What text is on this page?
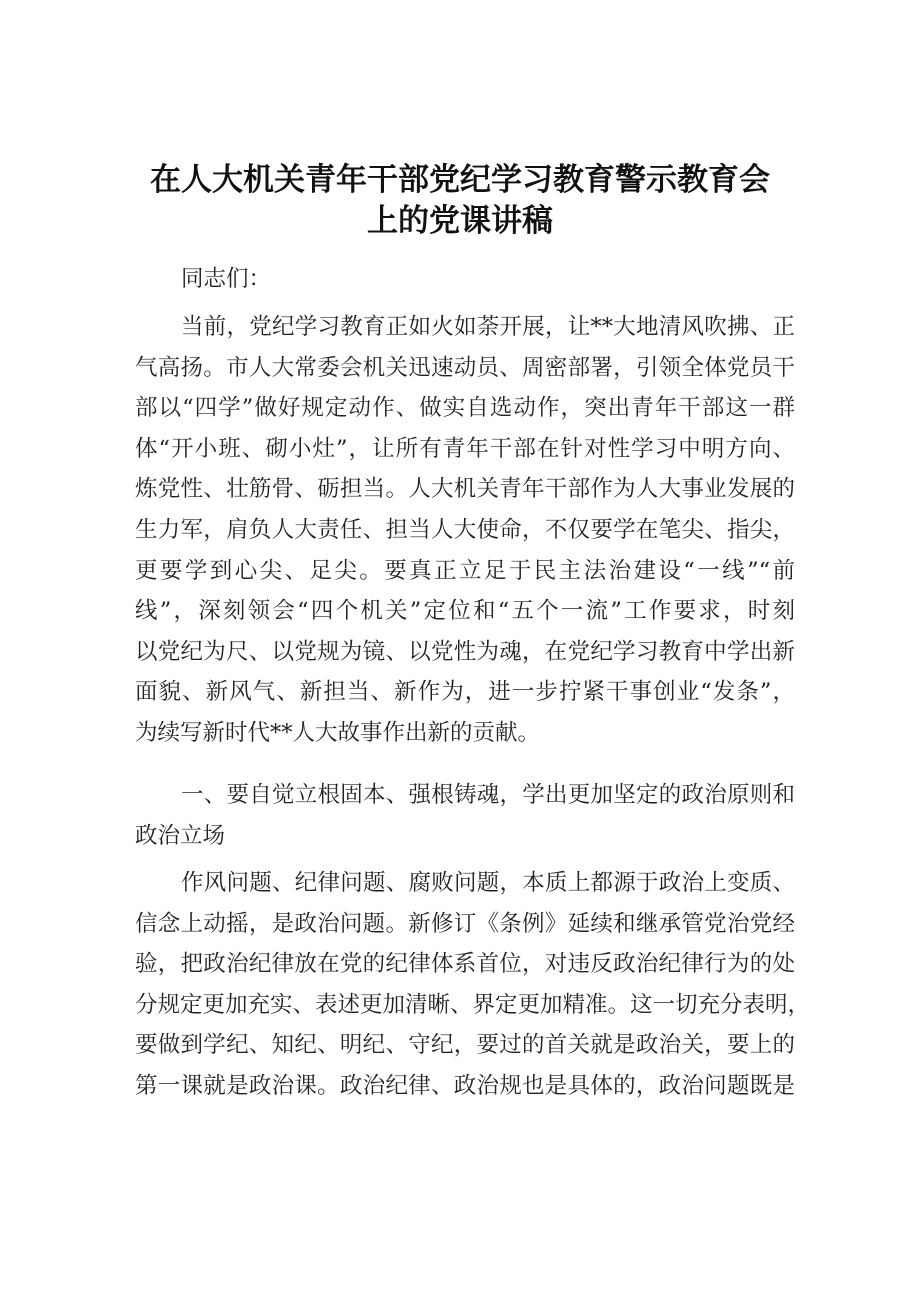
在人大机关青年干部党纪学习教育警示教育会
上的党课讲稿

同志们：

当前，党纪学习教育正如火如荼开展，让**大地清风吹拂、正
气高扬。市人大常委会机关迅速动员、周密部署，引领全体党员干
部以“四学”做好规定动作、做实自选动作，突出青年干部这一群
体“开小班、砌小灶”，让所有青年干部在针对性学习中明方向、
炼党性、壮筋骨、砺担当。人大机关青年干部作为人大事业发展的
生力军，肩负人大责任、担当人大使命，不仅要学在笔尖、指尖，
更要学到心尖、足尖。要真正立足于民主法治建设“一线”“前
线”，深刻领会“四个机关”定位和“五个一流”工作要求，时刻
以党纪为尺、以党规为镜、以党性为魂，在党纪学习教育中学出新
面貌、新风气、新担当、新作为，进一步拧紧干事创业“发条”，
为续写新时代**人大故事作出新的贡献。

一、要自觉立根固本、强根铸魂，学出更加坚定的政治原则和
政治立场

作风问题、纪律问题、腐败问题，本质上都源于政治上变质、
信念上动摇，是政治问题。新修订《条例》延续和继承管党治党经
验，把政治纪律放在党的纪律体系首位，对违反政治纪律行为的处
分规定更加充实、表述更加清晰、界定更加精准。这一切充分表明，
要做到学纪、知纪、明纪、守纪，要过的首关就是政治关，要上的
第一课就是政治课。政治纪律、政治规也是具体的，政治问题既是
